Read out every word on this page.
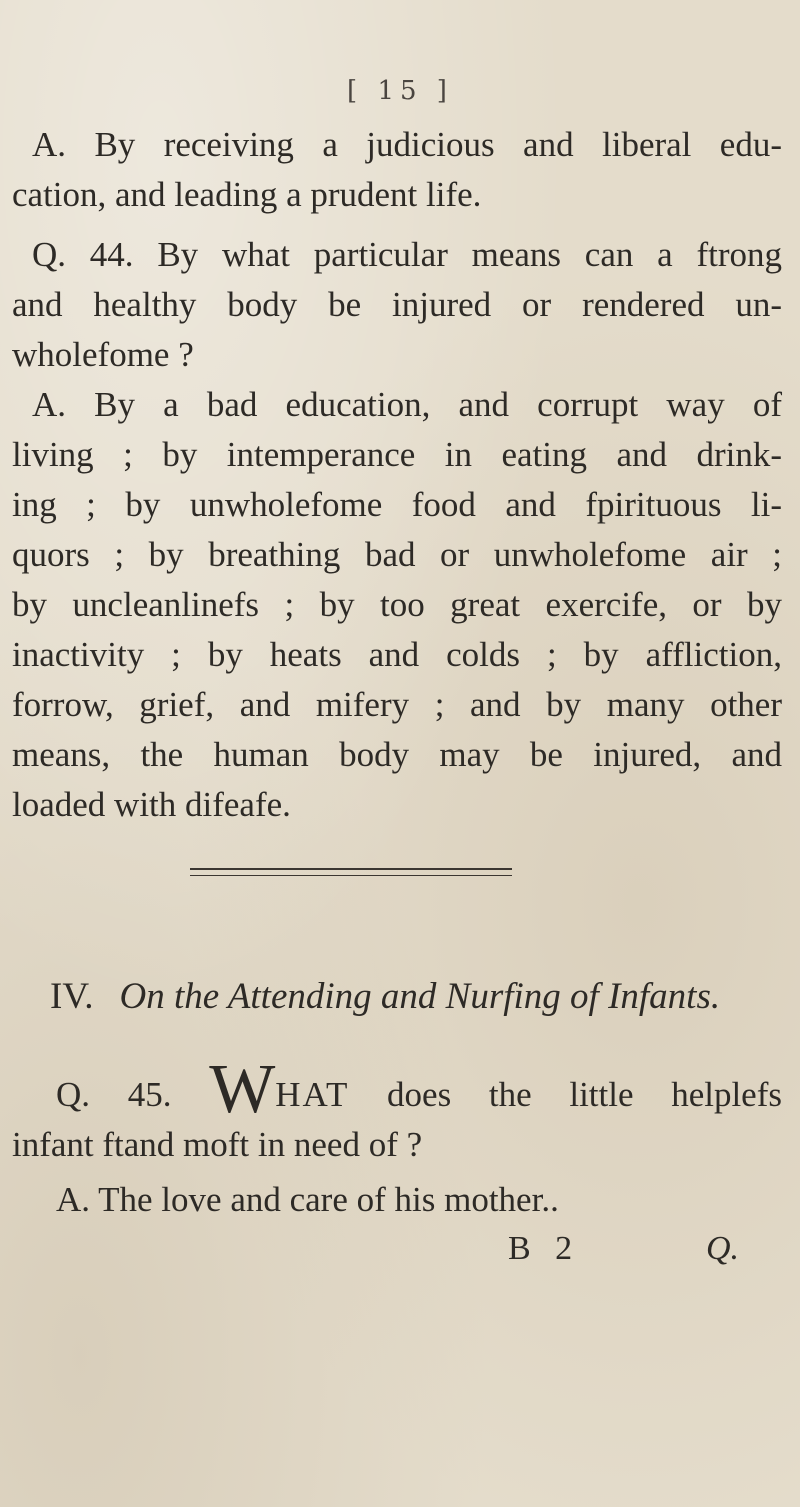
[ 15 ]
A. By receiving a judicious and liberal edu-
cation, and leading a prudent life.
Q. 44. By what particular means can a ftrong
and healthy body be injured or rendered un-
wholefome ?
A. By a bad education, and corrupt way of
living ; by intemperance in eating and drink-
ing ; by unwholefome food and fpirituous li-
quors ; by breathing bad or unwholefome air ;
by uncleanlinefs ; by too great exercife, or by
inactivity ; by heats and colds ; by affliction,
forrow, grief, and mifery ; and by many other
means, the human body may be injured, and
loaded with difeafe.
IV. On the Attending and Nurfing of Infants.
Q. 45. WHAT does the little helplefs
infant ftand moft in need of ?
A. The love and care of his mother..
B 2	Q.
